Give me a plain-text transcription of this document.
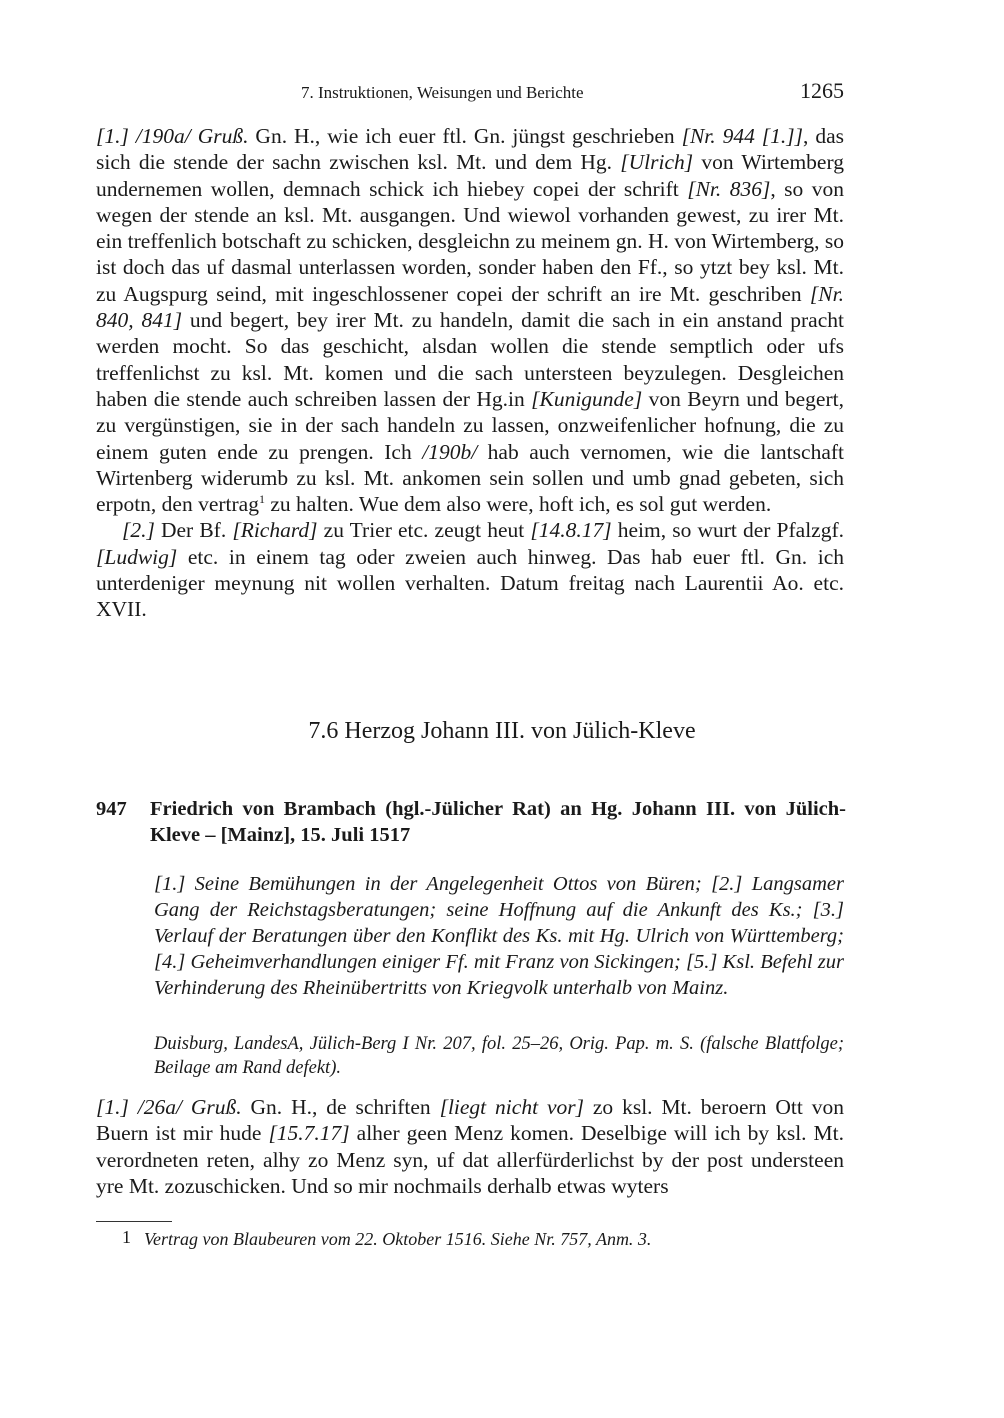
7. Instruktionen, Weisungen und Berichte	1265

[1.] /190a/ Gruß. Gn. H., wie ich euer ftl. Gn. jüngst geschrieben [Nr. 944 [1.]], das sich die stende der sachn zwischen ksl. Mt. und dem Hg. [Ulrich] von Wirtemberg undernemen wollen, demnach schick ich hiebey copei der schrift [Nr. 836], so von wegen der stende an ksl. Mt. ausgangen. Und wiewol vorhanden gewest, zu irer Mt. ein treffenlich botschaft zu schicken, desgleichn zu meinem gn. H. von Wirtemberg, so ist doch das uf dasmal unterlassen worden, sonder haben den Ff., so ytzt bey ksl. Mt. zu Augspurg seind, mit ingeschlossener copei der schrift an ire Mt. geschriben [Nr. 840, 841] und begert, bey irer Mt. zu handeln, damit die sach in ein anstand pracht werden mocht. So das geschicht, alsdan wollen die stende semptlich oder ufs treffenlichst zu ksl. Mt. komen und die sach untersteen beyzulegen. Desgleichen haben die stende auch schreiben lassen der Hg.in [Kunigunde] von Beyrn und begert, zu vergünstigen, sie in der sach handeln zu lassen, onzweifenlicher hofnung, die zu einem guten ende zu prengen. Ich /190b/ hab auch vernomen, wie die lantschaft Wirtenberg widerumb zu ksl. Mt. ankomen sein sollen und umb gnad gebeten, sich erpotn, den vertrag$^1$ zu halten. Wue dem also were, hoft ich, es sol gut werden.

[2.] Der Bf. [Richard] zu Trier etc. zeugt heut [14.8.17] heim, so wurt der Pfalzgf. [Ludwig] etc. in einem tag oder zweien auch hinweg. Das hab euer ftl. Gn. ich unterdeniger meynung nit wollen verhalten. Datum freitag nach Laurentii Ao. etc. XVII.

7.6 Herzog Johann III. von Jülich-Kleve
947 Friedrich von Brambach (hgl.-Jülicher Rat) an Hg. Johann III. von Jülich-Kleve – [Mainz], 15. Juli 1517
[1.] Seine Bemühungen in der Angelegenheit Ottos von Büren; [2.] Langsamer Gang der Reichstagsberatungen; seine Hoffnung auf die Ankunft des Ks.; [3.] Verlauf der Beratungen über den Konflikt des Ks. mit Hg. Ulrich von Württemberg; [4.] Geheimverhandlungen einiger Ff. mit Franz von Sickingen; [5.] Ksl. Befehl zur Verhinderung des Rheinübertritts von Kriegvolk unterhalb von Mainz.
Duisburg, LandesA, Jülich-Berg I Nr. 207, fol. 25–26, Orig. Pap. m. S. (falsche Blattfolge; Beilage am Rand defekt).

[1.] /26a/ Gruß. Gn. H., de schriften [liegt nicht vor] zo ksl. Mt. beroern Ott von Buern ist mir hude [15.7.17] alher geen Menz komen. Deselbige will ich by ksl. Mt. verordneten reten, alhy zo Menz syn, uf dat allerfürderlichst by der post understeen yre Mt. zozuschicken. Und so mir nochmails derhalb etwas wyters

1 Vertrag von Blaubeuren vom 22. Oktober 1516. Siehe Nr. 757, Anm. 3.
